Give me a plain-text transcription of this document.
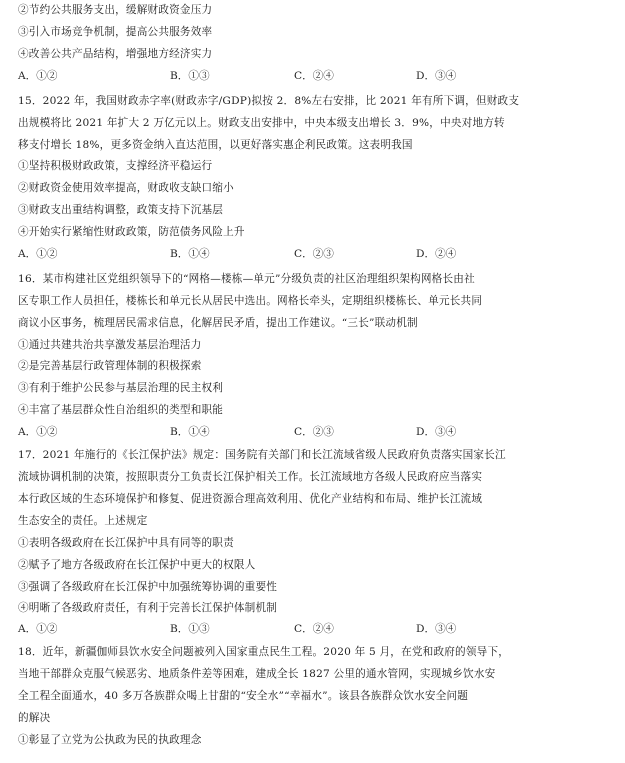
②节约公共服务支出，缓解财政资金压力
③引入市场竞争机制，提高公共服务效率
④改善公共产品结构，增强地方经济实力
A．①②	B．①③	C．②④	D．③④
15．2022 年，我国财政赤字率(财政赤字/GDP)拟按 2．8%左右安排，比 2021 年有所下调，但财政支
出规模将比 2021 年扩大 2 万亿元以上。财政支出安排中，中央本级支出增长 3．9%，中央对地方转
移支付增长 18%，更多资金纳入直达范围，以更好落实惠企利民政策。这表明我国
①坚持积极财政政策，支撑经济平稳运行
②财政资金使用效率提高，财政收支缺口缩小
③财政支出重结构调整，政策支持下沉基层
④开始实行紧缩性财政政策，防范债务风险上升
A．①②	B．①④	C．②③	D．②④
16．某市构建社区党组织领导下的“网格—楼栋—单元”分级负责的社区治理组织架构网格长由社
区专职工作人员担任，楼栋长和单元长从居民中选出。网格长牵头，定期组织楼栋长、单元长共同
商议小区事务，梳理居民需求信息，化解居民矛盾，提出工作建议。“三长”联动机制
①通过共建共治共享激发基层治理活力
②是完善基层行政管理体制的积极探索
③有利于维护公民参与基层治理的民主权利
④丰富了基层群众性自治组织的类型和职能
A．①②	B．①④	C．②③	D．③④
17．2021 年施行的《长江保护法》规定：国务院有关部门和长江流域省级人民政府负责落实国家长江
流域协调机制的决策，按照职责分工负责长江保护相关工作。长江流域地方各级人民政府应当落实
本行政区域的生态环境保护和修复、促进资源合理高效利用、优化产业结构和布局、维护长江流域
生态安全的责任。上述规定
①表明各级政府在长江保护中具有同等的职责
②赋予了地方各级政府在长江保护中更大的权限人
③强调了各级政府在长江保护中加强统筹协调的重要性
④明晰了各级政府责任，有利于完善长江保护体制机制
A．①②	B．①③	C．②④	D．③④
18．近年，新疆伽师县饮水安全问题被列入国家重点民生工程。2020 年 5 月，在党和政府的领导下，
当地干部群众克服气候恶劣、地质条件差等困难，建成全长 1827 公里的通水管网，实现城乡饮水安
全工程全面通水，40 多万各族群众喝上甘甜的“安全水”“幸福水”。该县各族群众饮水安全问题
的解决
①彰显了立党为公执政为民的执政理念
